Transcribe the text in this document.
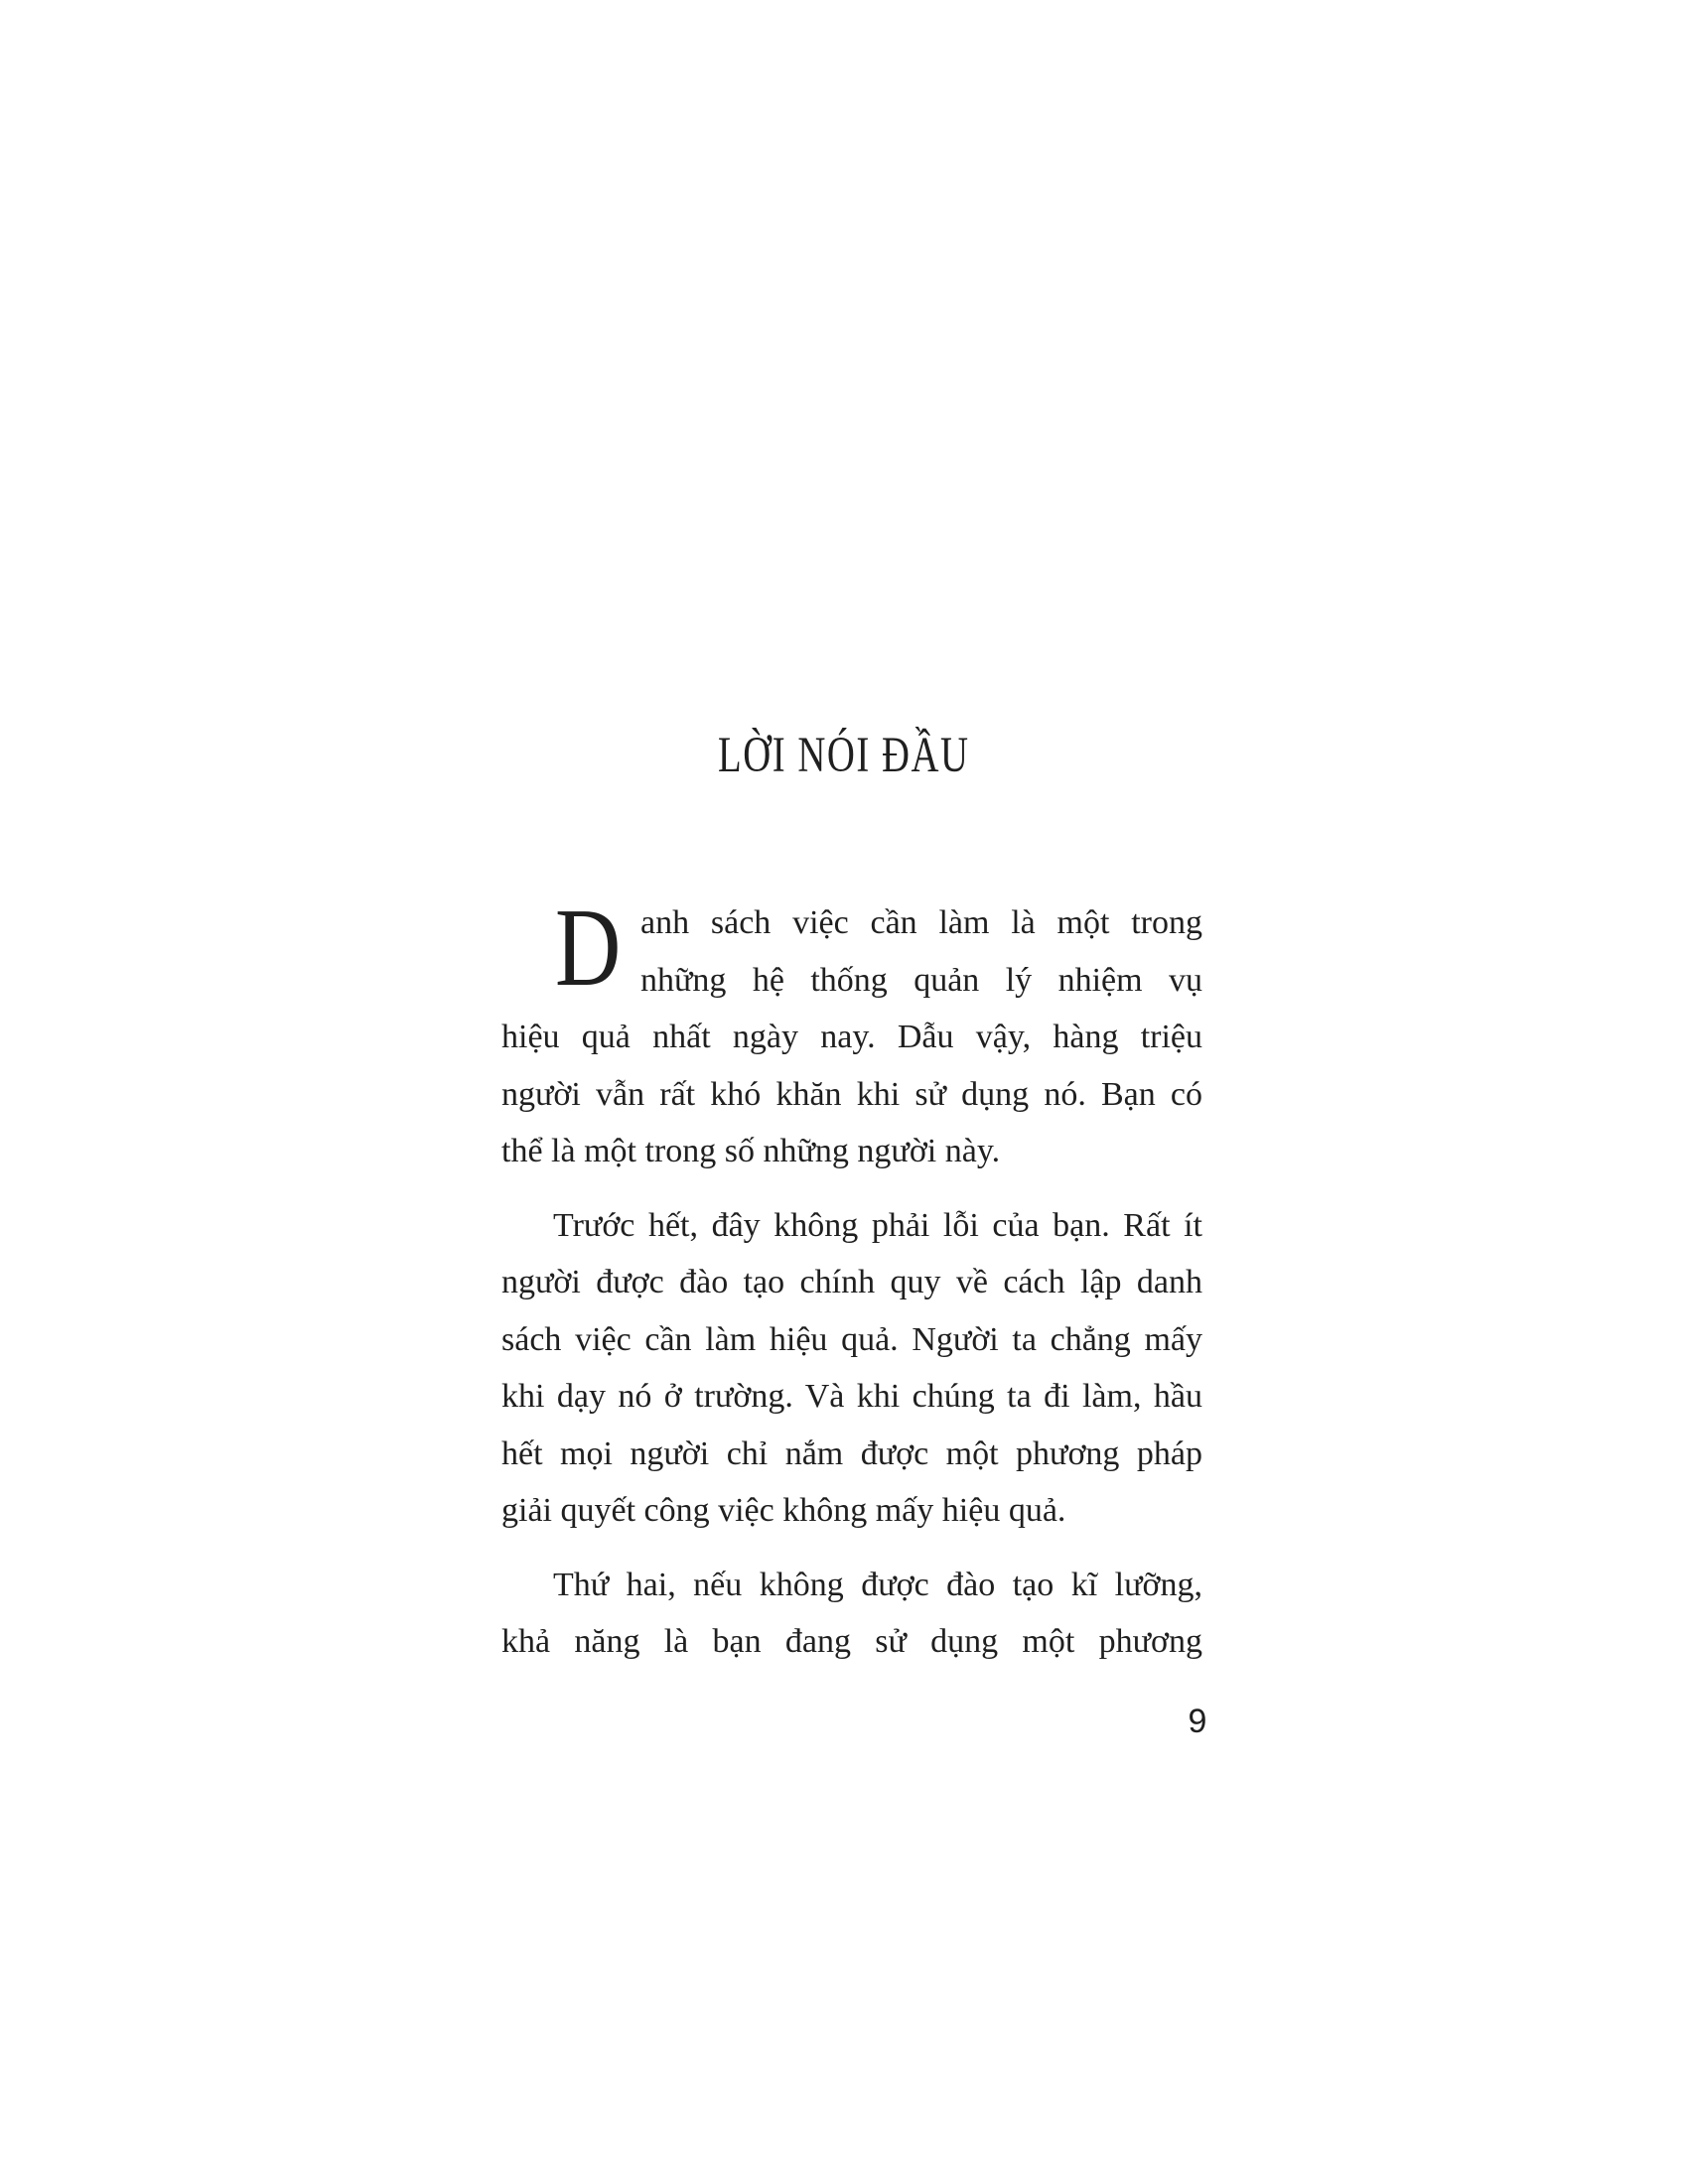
LỜI NÓI ĐẦU

D anh sách việc cần làm là một trong
những hệ thống quản lý nhiệm vụ
hiệu quả nhất ngày nay. Dẫu vậy, hàng triệu
người vẫn rất khó khăn khi sử dụng nó. Bạn có
thể là một trong số những người này.

Trước hết, đây không phải lỗi của bạn. Rất ít
người được đào tạo chính quy về cách lập danh
sách việc cần làm hiệu quả. Người ta chẳng mấy
khi dạy nó ở trường. Và khi chúng ta đi làm, hầu
hết mọi người chỉ nắm được một phương pháp
giải quyết công việc không mấy hiệu quả.

Thứ hai, nếu không được đào tạo kĩ lưỡng,
khả năng là bạn đang sử dụng một phương

9
